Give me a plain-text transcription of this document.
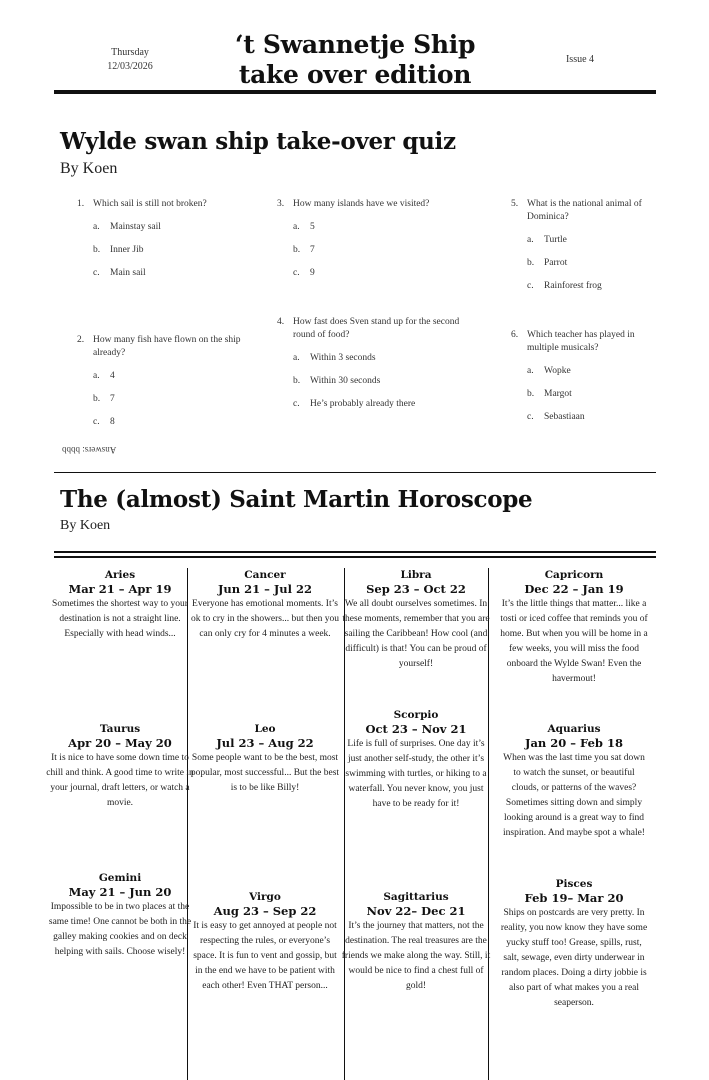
Thursday
12/03/2026
‘t Swannetje Ship
take over edition
Issue 4
Wylde swan ship take-over quiz
By Koen
1. Which sail is still not broken?
a.	Mainstay sail
b.	Inner Jib
c.	Main sail
2. How many fish have flown on the ship already?
a.	4
b.	7
c.	8
3. How many islands have we visited?
a.	5
b.	7
c.	9
4. How fast does Sven stand up for the second round of food?
a.	Within 3 seconds
b.	Within 30 seconds
c.	He’s probably already there
5. What is the national animal of Dominica?
a.	Turtle
b.	Parrot
c.	Rainforest frog
6. Which teacher has played in multiple musicals?
a.	Wopke
b.	Margot
c.	Sebastiaan
Answers: bbbb
The (almost) Saint Martin Horoscope
By Koen
Aries
Mar 21 – Apr 19
Sometimes the shortest way to your destination is not a straight line. Especially with head winds...
Taurus
Apr 20 – May 20
It is nice to have some down time to chill and think. A good time to write in your journal, draft letters, or watch a movie.
Gemini
May 21 – Jun 20
Impossible to be in two places at the same time! One cannot be both in the galley making cookies and on deck helping with sails. Choose wisely!
Cancer
Jun 21 – Jul 22
Everyone has emotional moments. It’s ok to cry in the showers... but then you can only cry for 4 minutes a week.
Leo
Jul 23 – Aug 22
Some people want to be the best, most popular, most successful... But the best is to be like Billy!
Virgo
Aug 23 – Sep 22
It is easy to get annoyed at people not respecting the rules, or everyone’s space. It is fun to vent and gossip, but in the end we have to be patient with each other! Even THAT person...
Libra
Sep 23 – Oct 22
We all doubt ourselves sometimes. In these moments, remember that you are sailing the Caribbean! How cool (and difficult) is that! You can be proud of yourself!
Scorpio
Oct 23 – Nov 21
Life is full of surprises. One day it’s just another self-study, the other it’s swimming with turtles, or hiking to a waterfall. You never know, you just have to be ready for it!
Sagittarius
Nov 22– Dec 21
It’s the journey that matters, not the destination. The real treasures are the friends we make along the way. Still, it would be nice to find a chest full of gold!
Capricorn
Dec 22 – Jan 19
It’s the little things that matter... like a tosti or iced coffee that reminds you of home. But when you will be home in a few weeks, you will miss the food onboard the Wylde Swan! Even the havermout!
Aquarius
Jan 20 – Feb 18
When was the last time you sat down to watch the sunset, or beautiful clouds, or patterns of the waves? Sometimes sitting down and simply looking around is a great way to find inspiration. And maybe spot a whale!
Pisces
Feb 19– Mar 20
Ships on postcards are very pretty. In reality, you now know they have some yucky stuff too! Grease, spills, rust, salt, sewage, even dirty underwear in random places. Doing a dirty jobbie is also part of what makes you a real seaperson.
